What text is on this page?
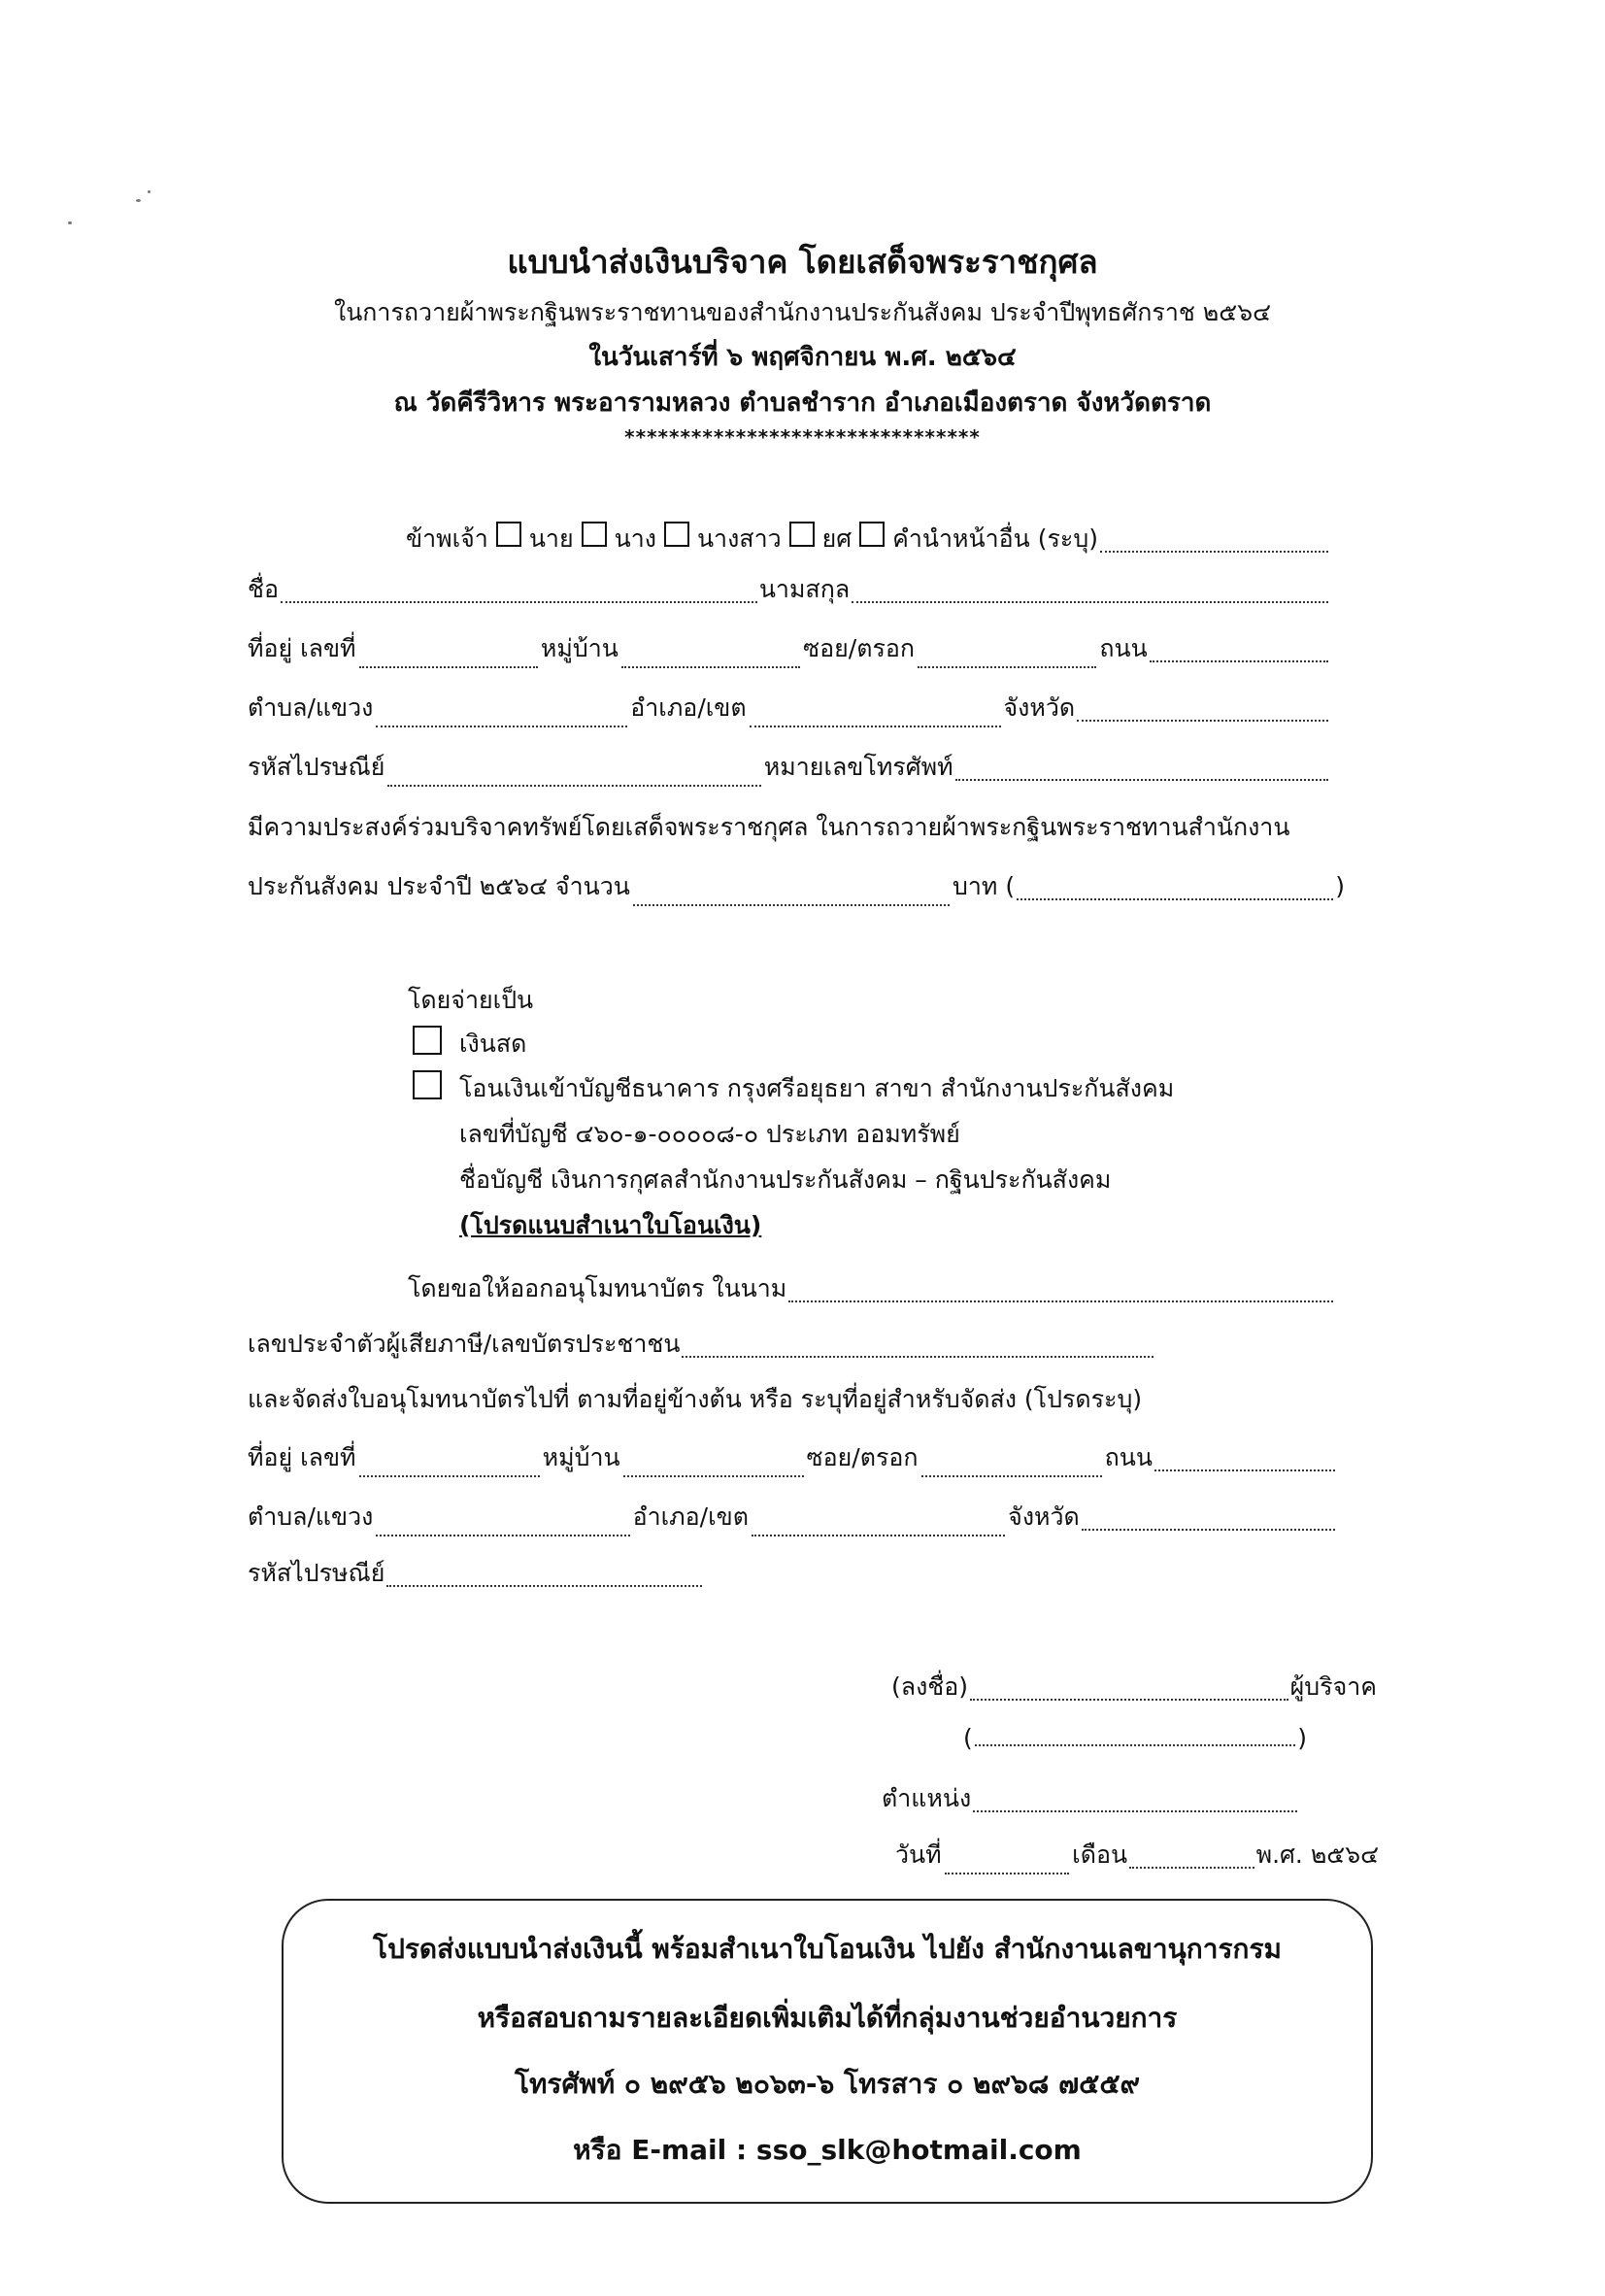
แบบนำส่งเงินบริจาค โดยเสด็จพระราชกุศล
ในการถวายผ้าพระกฐินพระราชทานของสำนักงานประกันสังคม ประจำปีพุทธศักราช ๒๕๖๔
ในวันเสาร์ที่ ๖ พฤศจิกายน พ.ศ. ๒๕๖๔
ณ วัดคีรีวิหาร พระอารามหลวง ตำบลชำราก อำเภอเมืองตราด จังหวัดตราด
********************************
ข้าพเจ้า นาย นาง นางสาว ยศ คำนำหน้าอื่น (ระบุ)
ชื่อ	นามสกุล
ที่อยู่ เลขที่	หมู่บ้าน	ซอย/ตรอก	ถนน
ตำบล/แขวง	อำเภอ/เขต	จังหวัด
รหัสไปรษณีย์	หมายเลขโทรศัพท์
มีความประสงค์ร่วมบริจาคทรัพย์โดยเสด็จพระราชกุศล ในการถวายผ้าพระกฐินพระราชทานสำนักงาน
ประกันสังคม ประจำปี ๒๕๖๔ จำนวน	บาท (	)
โดยจ่ายเป็น
เงินสด
โอนเงินเข้าบัญชีธนาคาร กรุงศรีอยุธยา สาขา สำนักงานประกันสังคม
เลขที่บัญชี ๔๖๐-๑-๐๐๐๐๘-๐ ประเภท ออมทรัพย์
ชื่อบัญชี เงินการกุศลสำนักงานประกันสังคม – กฐินประกันสังคม
(โปรดแนบสำเนาใบโอนเงิน)
โดยขอให้ออกอนุโมทนาบัตร ในนาม
เลขประจำตัวผู้เสียภาษี/เลขบัตรประชาชน
และจัดส่งใบอนุโมทนาบัตรไปที่ ตามที่อยู่ข้างต้น หรือ ระบุที่อยู่สำหรับจัดส่ง (โปรดระบุ)
ที่อยู่ เลขที่	หมู่บ้าน	ซอย/ตรอก	ถนน
ตำบล/แขวง	อำเภอ/เขต	จังหวัด
รหัสไปรษณีย์
(ลงชื่อ)	ผู้บริจาค
(	)
ตำแหน่ง
วันที่	เดือน	พ.ศ. ๒๕๖๔
โปรดส่งแบบนำส่งเงินนี้ พร้อมสำเนาใบโอนเงิน ไปยัง สำนักงานเลขานุการกรม
หรือสอบถามรายละเอียดเพิ่มเติมได้ที่กลุ่มงานช่วยอำนวยการ
โทรศัพท์ ๐ ๒๙๕๖ ๒๐๖๓-๖ โทรสาร ๐ ๒๙๖๘ ๗๕๕๙
หรือ E-mail : sso_slk@hotmail.com
